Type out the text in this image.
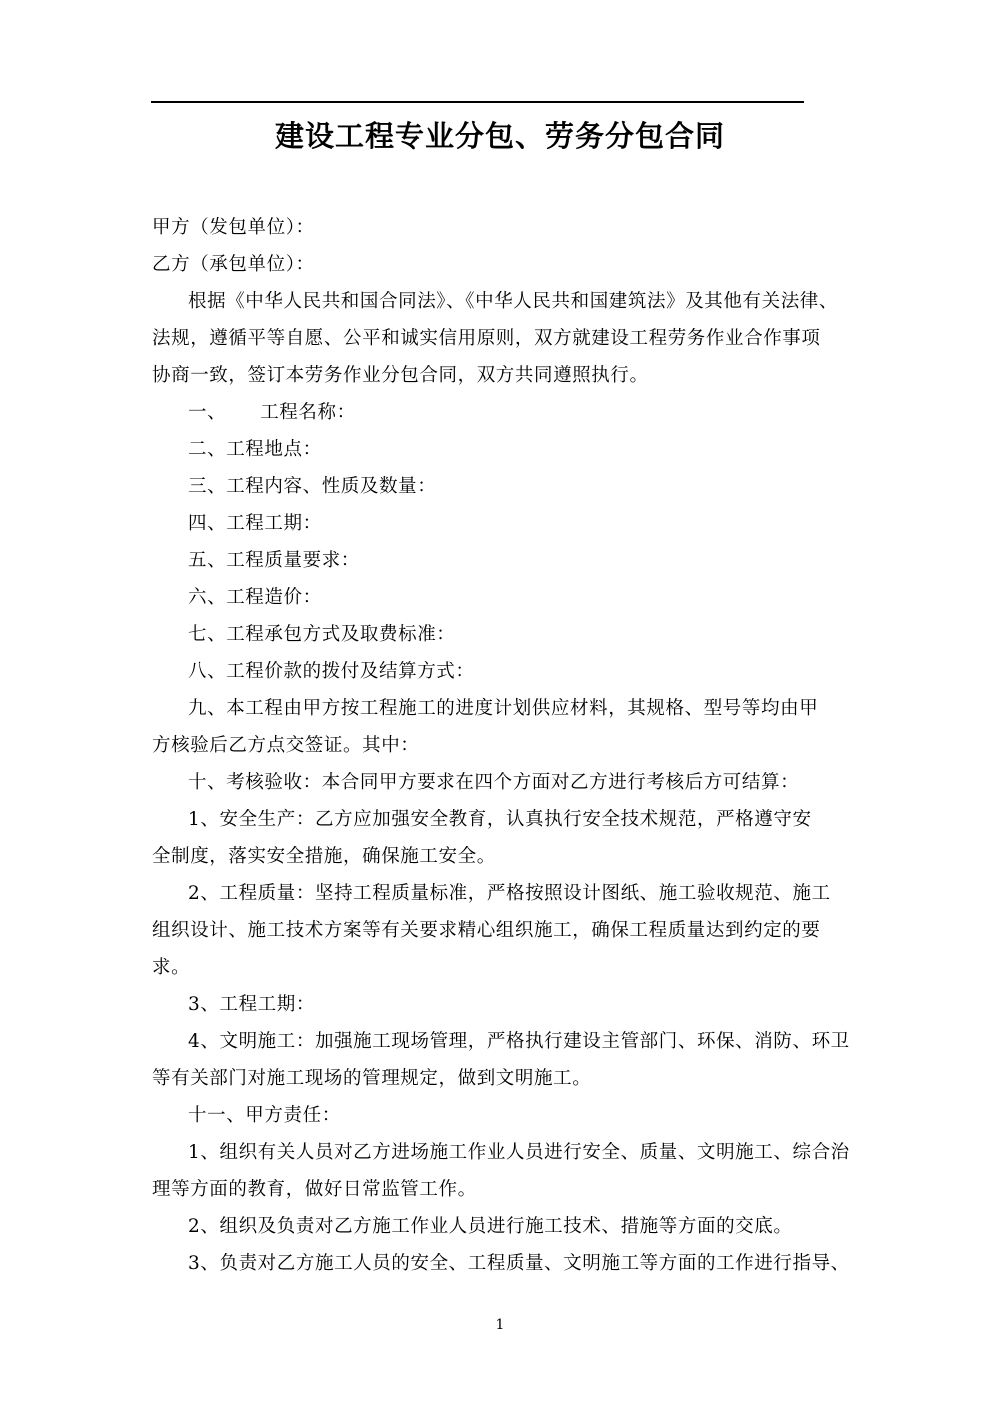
建设工程专业分包、劳务分包合同
甲方（发包单位）：
乙方（承包单位）：
根据《中华人民共和国合同法》、《中华人民共和国建筑法》及其他有关法律、
法规，遵循平等自愿、公平和诚实信用原则，双方就建设工程劳务作业合作事项
协商一致，签订本劳务作业分包合同，双方共同遵照执行。
一、 工程名称：
二、工程地点：
三、工程内容、性质及数量：
四、工程工期：
五、工程质量要求：
六、工程造价：
七、工程承包方式及取费标准：
八、工程价款的拨付及结算方式：
九、本工程由甲方按工程施工的进度计划供应材料，其规格、型号等均由甲
方核验后乙方点交签证。其中：
十、考核验收：本合同甲方要求在四个方面对乙方进行考核后方可结算：
1、安全生产：乙方应加强安全教育，认真执行安全技术规范，严格遵守安
全制度，落实安全措施，确保施工安全。
2、工程质量：坚持工程质量标准，严格按照设计图纸、施工验收规范、施工
组织设计、施工技术方案等有关要求精心组织施工，确保工程质量达到约定的要
求。
3、工程工期：
4、文明施工：加强施工现场管理，严格执行建设主管部门、环保、消防、环卫
等有关部门对施工现场的管理规定，做到文明施工。
十一、甲方责任：
1、组织有关人员对乙方进场施工作业人员进行安全、质量、文明施工、综合治
理等方面的教育，做好日常监管工作。
2、组织及负责对乙方施工作业人员进行施工技术、措施等方面的交底。
3、负责对乙方施工人员的安全、工程质量、文明施工等方面的工作进行指导、
1
